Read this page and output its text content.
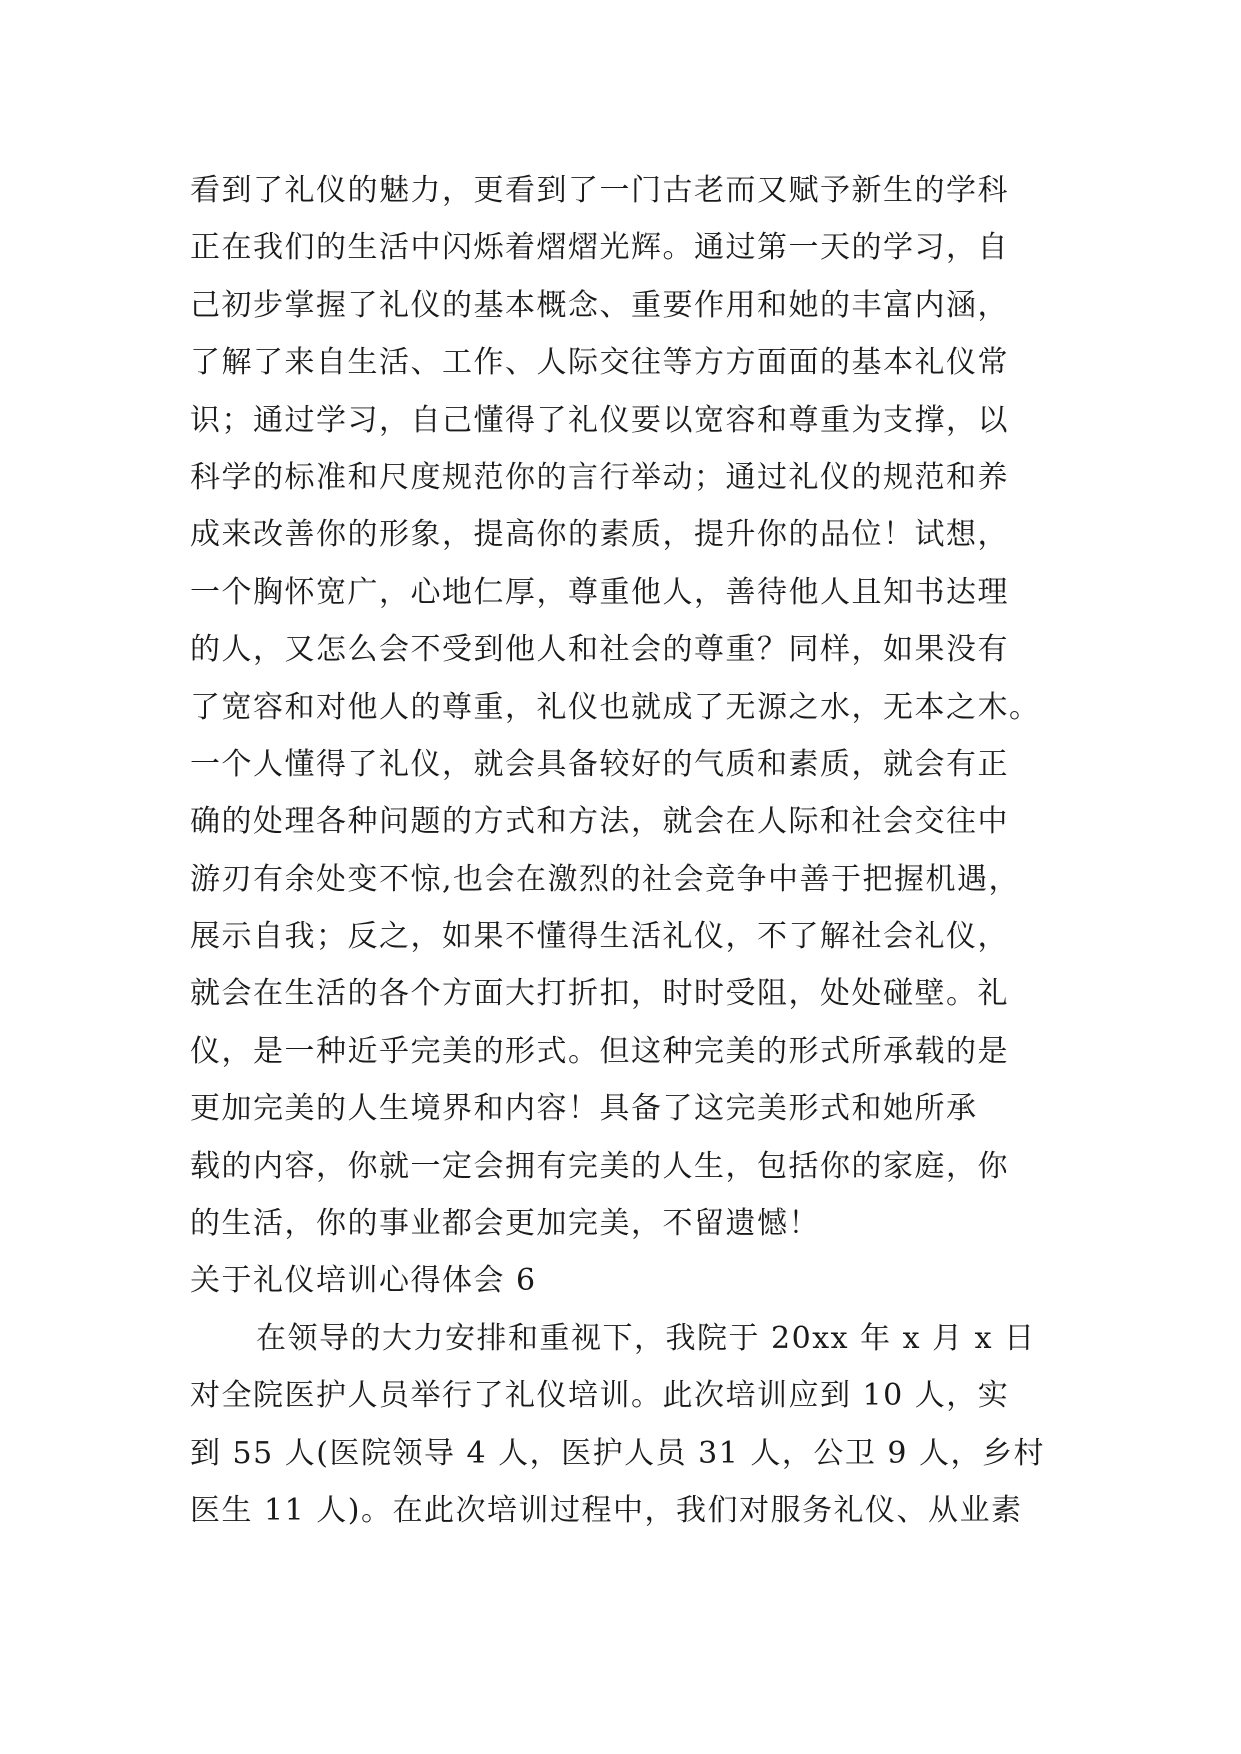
看到了礼仪的魅力，更看到了一门古老而又赋予新生的学科
正在我们的生活中闪烁着熠熠光辉。通过第一天的学习，自
己初步掌握了礼仪的基本概念、重要作用和她的丰富内涵，
了解了来自生活、工作、人际交往等方方面面的基本礼仪常
识；通过学习，自己懂得了礼仪要以宽容和尊重为支撑，以
科学的标准和尺度规范你的言行举动；通过礼仪的规范和养
成来改善你的形象，提高你的素质，提升你的品位！试想，
一个胸怀宽广，心地仁厚，尊重他人，善待他人且知书达理
的人，又怎么会不受到他人和社会的尊重？同样，如果没有
了宽容和对他人的尊重，礼仪也就成了无源之水，无本之木。
一个人懂得了礼仪，就会具备较好的气质和素质，就会有正
确的处理各种问题的方式和方法，就会在人际和社会交往中
游刃有余处变不惊,也会在激烈的社会竞争中善于把握机遇，
展示自我；反之，如果不懂得生活礼仪，不了解社会礼仪，
就会在生活的各个方面大打折扣，时时受阻，处处碰壁。礼
仪，是一种近乎完美的形式。但这种完美的形式所承载的是
更加完美的人生境界和内容！具备了这完美形式和她所承
载的内容，你就一定会拥有完美的人生，包括你的家庭，你
的生活，你的事业都会更加完美，不留遗憾！
关于礼仪培训心得体会 6
在领导的大力安排和重视下，我院于 20xx 年 x 月 x 日
对全院医护人员举行了礼仪培训。此次培训应到 10 人，实
到 55 人(医院领导 4 人，医护人员 31 人，公卫 9 人，乡村
医生 11 人)。在此次培训过程中，我们对服务礼仪、从业素
